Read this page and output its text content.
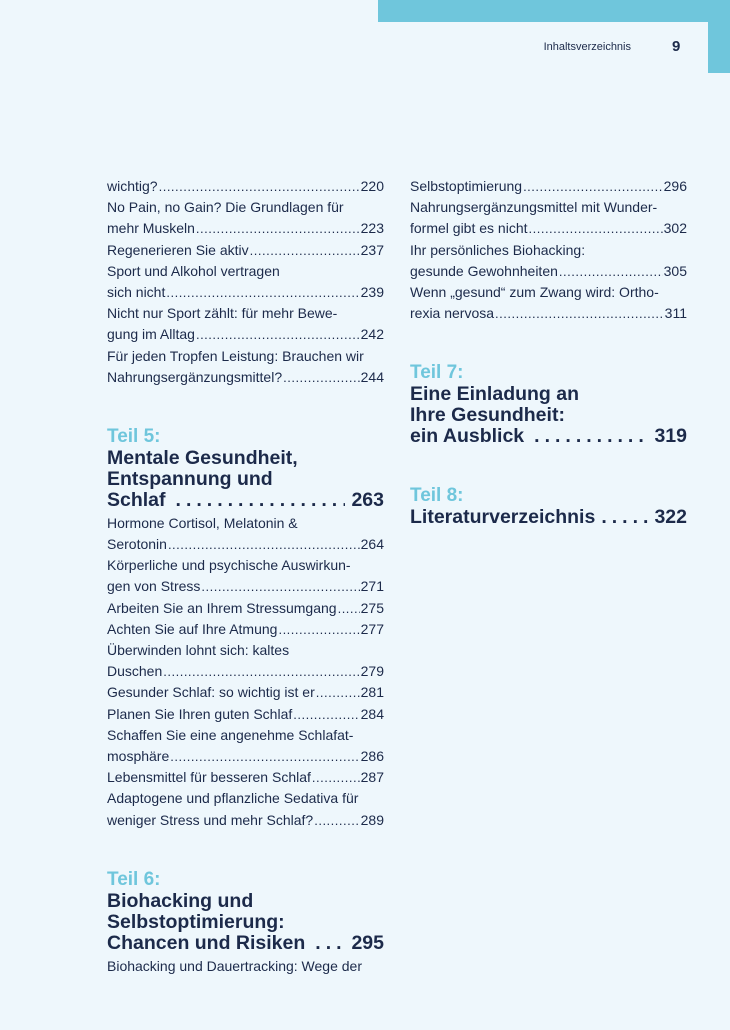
Inhaltsverzeichnis	9
wichtig? .....	220
No Pain, no Gain? Die Grundlagen für
mehr Muskeln .....	223
Regenerieren Sie aktiv .....	237
Sport und Alkohol vertragen
sich nicht .....	239
Nicht nur Sport zählt: für mehr Bewe-
gung im Alltag .....	242
Für jeden Tropfen Leistung: Brauchen wir
Nahrungsergänzungsmittel? .....	244
Teil 5:
Mentale Gesundheit,
Entspannung und
Schlaf .....	263
Hormone Cortisol, Melatonin &
Serotonin .....	264
Körperliche und psychische Auswirkun-
gen von Stress .....	271
Arbeiten Sie an Ihrem Stressumgang ..... 275
Achten Sie auf Ihre Atmung .....	277
Überwinden lohnt sich: kaltes
Duschen .....	279
Gesunder Schlaf: so wichtig ist er .....	281
Planen Sie Ihren guten Schlaf .....	284
Schaffen Sie eine angenehme Schlafat-
mosphäre .....	286
Lebensmittel für besseren Schlaf .....	287
Adaptogene und pflanzliche Sedativa für
weniger Stress und mehr Schlaf? .....	289
Teil 6:
Biohacking und
Selbstoptimierung:
Chancen und Risiken ..... 295
Biohacking und Dauertracking: Wege der
Selbstoptimierung .....	296
Nahrungsergänzungsmittel mit Wunder-
formel gibt es nicht .....	302
Ihr persönliches Biohacking:
gesunde Gewohnheiten .....	305
Wenn „gesund“ zum Zwang wird: Ortho-
rexia nervosa .....	311
Teil 7:
Eine Einladung an
Ihre Gesundheit:
ein Ausblick .....	319
Teil 8:
Literaturverzeichnis .....	322
